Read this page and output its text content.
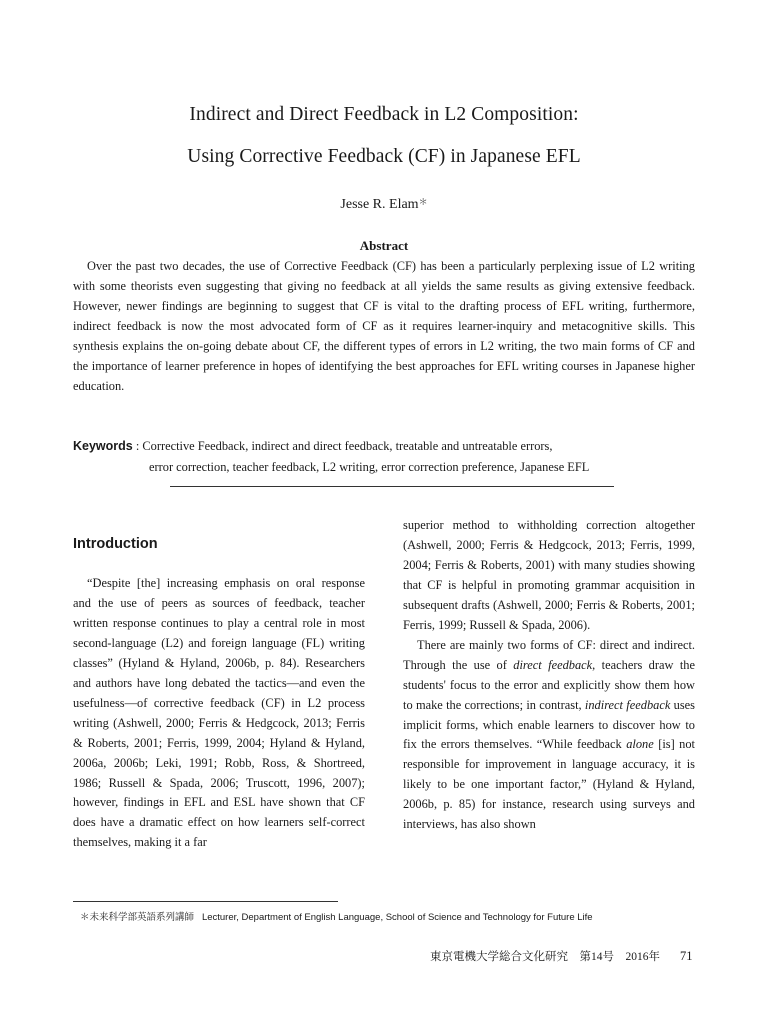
Indirect and Direct Feedback in L2 Composition:
Using Corrective Feedback (CF) in Japanese EFL
Jesse R. Elam＊
Abstract
Over the past two decades, the use of Corrective Feedback (CF) has been a particularly perplexing issue of L2 writing with some theorists even suggesting that giving no feedback at all yields the same results as giving extensive feedback. However, newer findings are beginning to suggest that CF is vital to the drafting process of EFL writing, furthermore, indirect feedback is now the most advocated form of CF as it requires learner-inquiry and metacognitive skills. This synthesis explains the on-going debate about CF, the different types of errors in L2 writing, the two main forms of CF and the importance of learner preference in hopes of identifying the best approaches for EFL writing courses in Japanese higher education.
Keywords : Corrective Feedback, indirect and direct feedback, treatable and untreatable errors,
error correction, teacher feedback, L2 writing, error correction preference, Japanese EFL
Introduction
“Despite [the] increasing emphasis on oral response and the use of peers as sources of feedback, teacher written response continues to play a central role in most second-language (L2) and foreign language (FL) writing classes” (Hyland & Hyland, 2006b, p. 84). Researchers and authors have long debated the tactics—and even the usefulness—of corrective feedback (CF) in L2 process writing (Ashwell, 2000; Ferris & Hedgcock, 2013; Ferris & Roberts, 2001; Ferris, 1999, 2004; Hyland & Hyland, 2006a, 2006b; Leki, 1991; Robb, Ross, & Shortreed, 1986; Russell & Spada, 2006; Truscott, 1996, 2007); however, findings in EFL and ESL have shown that CF does have a dramatic effect on how learners self-correct themselves, making it a far
superior method to withholding correction altogether (Ashwell, 2000; Ferris & Hedgcock, 2013; Ferris, 1999, 2004; Ferris & Roberts, 2001) with many studies showing that CF is helpful in promoting grammar acquisition in subsequent drafts (Ashwell, 2000; Ferris & Roberts, 2001; Ferris, 1999; Russell & Spada, 2006).
There are mainly two forms of CF: direct and indirect. Through the use of direct feedback, teachers draw the students' focus to the error and explicitly show them how to make the corrections; in contrast, indirect feedback uses implicit forms, which enable learners to discover how to fix the errors themselves. “While feedback alone [is] not responsible for improvement in language accuracy, it is likely to be one important factor,” (Hyland & Hyland, 2006b, p. 85) for instance, research using surveys and interviews, has also shown
＊未来科学部英語系列講師 Lecturer, Department of English Language, School of Science and Technology for Future Life
東京電機大学総合文化研究　第14号　2016年 71
